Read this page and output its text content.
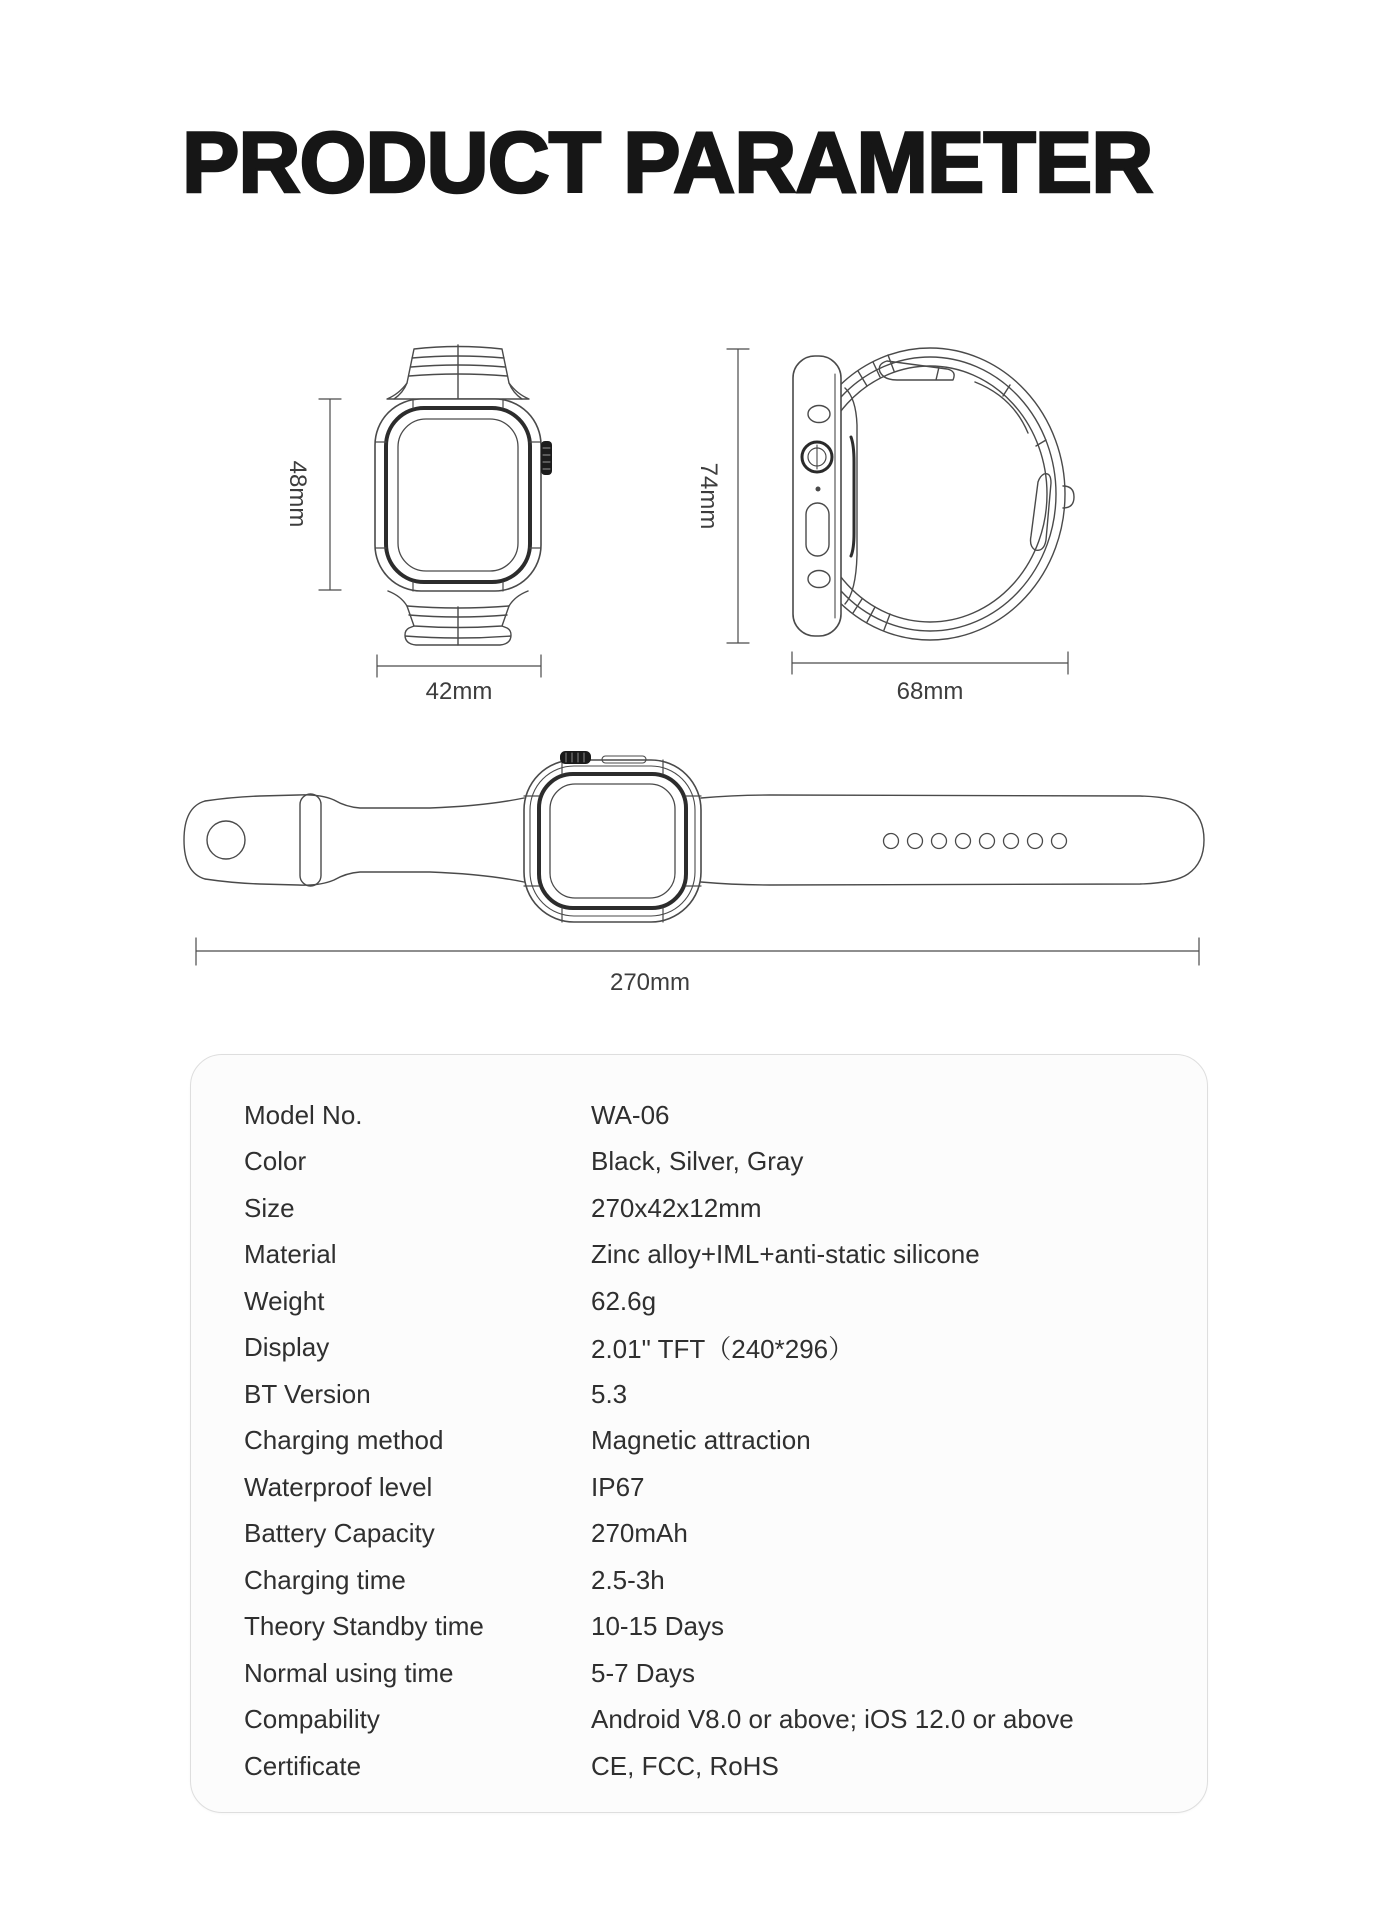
PRODUCT PARAMETER
48mm
42mm
74mm
68mm
270mm
Model No.	WA-06
Color	Black, Silver, Gray
Size	270x42x12mm
Material	Zinc alloy+IML+anti-static silicone
Weight	62.6g
Display	2.01" TFT（240*296）
BT Version	5.3
Charging method	Magnetic attraction
Waterproof level	IP67
Battery Capacity	270mAh
Charging time	2.5-3h
Theory Standby time	10-15 Days
Normal using time	5-7 Days
Compability	Android V8.0 or above; iOS 12.0 or above
Certificate	CE, FCC, RoHS
